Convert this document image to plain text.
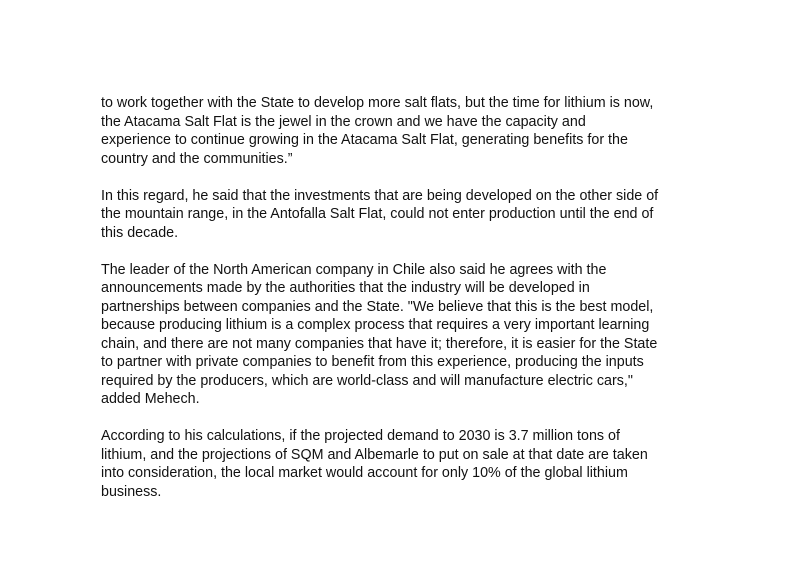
to work together with the State to develop more salt flats, but the time for lithium is now,
the Atacama Salt Flat is the jewel in the crown and we have the capacity and
experience to continue growing in the Atacama Salt Flat, generating benefits for the
country and the communities.”

In this regard, he said that the investments that are being developed on the other side of
the mountain range, in the Antofalla Salt Flat, could not enter production until the end of
this decade.

The leader of the North American company in Chile also said he agrees with the
announcements made by the authorities that the industry will be developed in
partnerships between companies and the State. "We believe that this is the best model,
because producing lithium is a complex process that requires a very important learning
chain, and there are not many companies that have it; therefore, it is easier for the State
to partner with private companies to benefit from this experience, producing the inputs
required by the producers, which are world-class and will manufacture electric cars,"
added Mehech.

According to his calculations, if the projected demand to 2030 is 3.7 million tons of
lithium, and the projections of SQM and Albemarle to put on sale at that date are taken
into consideration, the local market would account for only 10% of the global lithium
business.
